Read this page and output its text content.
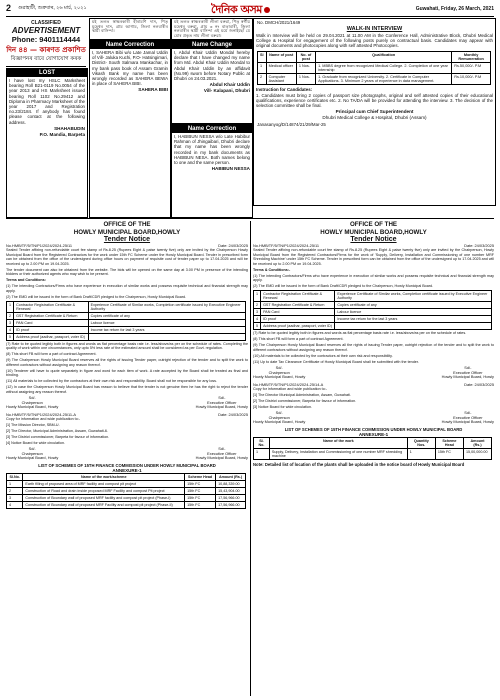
2 গুৱাহাটী, শুক্ৰবাৰ, ২৬ মাৰ্চ, ২০২১	দৈনিক অসম	Guwahati, Friday, 26 March, 2021
CLASSIFIED
ADVERTISEMENT
Phone: 9401114444
দিন ৪৪ — কাৰণত প্ৰকাশিত
বিজ্ঞাপনৰ বাবে যোগাযোগ কৰক
LOST
I have lost my HSLC Marksheet bearing Roll B21-0119 No.0054 of the year 2013 and HS Marksheet issued bearing Roll 1102 No.29412 and Diploma in Pharmacy Marksheet of the year 2017 and Registration no.23/2184. If anybody has found please contact at the following address.
SHAHABUDIN
P.O. Mandia, Barpeta
Name Correction
I, SAHERA Bibi w/o Late Jamal Uddin of Vill- Jaluka Kuchi, P.O- Hatsingimari, District- South Salmara Mankachar, in my bank pass book of Assam Gramin Vikash Bank my name has been wrongly recorded as SAHERA BEWA in place of SAHERA BIBI.
SAHERA BIBI
Name Change
I, Abdul Khair Uddin Mondal hereby declare that I have changed my name from Md. Abdul Khair Uddin Mondal to Abdul Khair Uddin by an affidavit (No.99) sworn before Notary Public at Dhubri on 24.03.2021.
Abdul Khair Uddin
Vill- Kalapani, Dhubri
Name Correction
I, HABIBUN NESSA w/o Late Habibur Rahman of Jhingaibari, Dhubri declare that my name has been wrongly recorded in my bank documents as HABIBUN NESA. Both names belong to one and the same person.
HABIBUN NESSA
No. DMCH/2021/1649
WALK-IN INTERVIEW
Walk in Interview will be held on 29.04.2021 at 11.00 AM in the Conference Hall, Administrative Block, Dhubri Medical College & Hospital for engagement of the following posts purely on contractual basis. Candidates may appear with original documents and photocopies along with self attested Photocopies.
Sl	Name of post	No. of post	Qualification	Monthly Remuneration
1	Medical officer	1 Nos.	1. MBBS degree from recognized Medical College. 2. Completion of one year internship	Rs.50,000/- P.M
2	Computer Assistant	1 Nos.	1. Graduate from recognized University. 2. Certificate in Computer Applications. 3. Minimum 2 years of experience in data management.	Rs.10,000/- P.M
Instruction for Candidates:
1. Candidates must bring 2 copies of passport size photographs, original and self attested copies of their educational qualifications, experience certificates etc. 2. No TA/DA will be provided for attending the interview. 3. The decision of the selection committee shall be final.
Principal cum Chief Superintendent
Dhubri Medical College & Hospital, Dhubri (Assam)
Janasanyog/D/14874/21/29/Mar-25
OFFICE OF THE
HOWLY MUNICIPAL BOARD,HOWLY
Tender Notice
No.HMB/TF/5/TN/P1/2024/2024-25/11	Date: 24/03/2025

Sealed Tender affixing non-refundable court fee stamp of Rs.8.25 (Rupees Eight & paise twenty five) only are invited by the Chairperson Howly Municipal Board from the Registered Contractors for the work under 15th FC Scheme under the Howly Municipal Board. Tender in prescribed form can be obtained from the office of the undersigned during office hours on payment of requisite cost of tender paper up to 17.04.2025 and will be received up to 2.00 PM on 19.04.2025.

The tender document can also be obtained from the website. The bids will be opened on the same day at 3.00 PM in presence of the intending bidders or their authorized agents who may wish to be present.

Terms and Conditions:

(1) The intending Contractors/Firms who have experience in execution of similar works and possess requisite technical and financial strength may apply.

(2) The EMD will be issued in the form of Bank Draft/CDR pledged to the Chairperson, Howly Municipal Board.

1	Contractor Registration Certificate & Renewal	Experience Certificate of Similar works, Completion certificate issued by Executive Engineer Authority
2	GST Registration Certificate & Return	Copies certificate of any
3	PAN Card	Labour licence
4	ID proof	Income tax return for last 3 years
5	Address proof (aadhar, passport, voter ID)	

(7) Rate to be quoted legibly both in figures and words as flat percentage basis rate i.e. less/above/as per on the schedule of rates. Completing the quality of work within one circumstances, only upto 5% less rate of the estimated amount shall be considered as per Govt. regulation.

(8) This short FB will form a part of contract Agreement.

(9) The Chairperson Howly Municipal Board reserves all the rights of issuing Tender paper, outright rejection of the tender and to split the work to different contractors without assigning any reason thereof.

(10) Tenderer will have to quote separately in figure and word for each item of work. A rate accepted by the Board shall be treated as final and binding.

(11) All materials to be collected by the contractors at their own risk and responsibility. Board shall not be responsible for any loss.

(12) In case the Chairperson Howly Municipal Board has reason to believe that the tender is not genuine then he has the right to reject the tender without assigning any reason thereof.

Sd/-
Chairperson
Howly Municipal Board, Howly
Sd/-
Executive Officer
Howly Municipal Board, Howly
No.HMB/TF/5/TN/P1/2024/2024-25/11-A	Date: 24/03/2025

Copy for information and wide publication to:-

[1] The Mission Director, SBM-U.

[2] The Director, Municipal Administration, Assam, Guwahati-6.

[3] The District commissioner, Barpeta for favour of information.

[4] Notice Board for wide circulation.

Sd/-
Chairperson
Howly Municipal Board, Howly
Sd/-
Executive Officer
Howly Municipal Board, Howly
LIST OF SCHEMES OF 15TH FINANCE COMMISSION UNDER HOWLY MUNICIPAL BOARD
ANNEXURE-1
Sl.No.	Name of the work/scheme	Scheme Head	Amount (Rs.)
1	Earth filling of proposed area of MRF facility and compost pit project	15th FC	10,88,339.00
2	Construction of Road and drain inside proposed MRF Facility and compost Pit project	15th FC	15,43,904.00
3	Construction of Boundary wall of proposed MRF facility and compost pit project (Phase-I)	15th FC	17,56,966.00
4	Construction of Boundary wall of proposed MRF Facility and compost pit project (Phase-II)	15th FC	17,56,966.00
OFFICE OF THE
HOWLY MUNICIPAL BOARD,HOWLY
Tender Notice
No.HMB/TF/5/TN/P1/2024/2024-25/11	Date: 24/03/2025

Sealed Tender affixing non-refundable court fee stamp of Rs.8.25 (Rupees Eight & paise twenty five) only are invited by the Chairperson, Howly Municipal Board from the Registered Contractors/Firms for the work of 'Supply, Delivery, Installation and Commissioning of one number MRF Shredding Machine' under 15th FC Scheme. Tender in prescribed form can be obtained from the office of the undersigned up to 17.04.2025 and will be received up to 2.00 PM on 19.04.2025.

Terms & Conditions:-

(1) The intending Contractors/Firms who have experience in execution of similar works and possess requisite technical and financial strength may apply.

(2) The EMD will be issued in the form of Bank Draft/CDR pledged to the Chairperson, Howly Municipal Board.

1	Contractor Registration Certificate & Renewal	Experience Certificate of Similar works, Completion certificate issued by Executive Engineer Authority
2	GST Registration Certificate & Return	Copies certificate of any
3	PAN Card	Labour licence
4	ID proof	Income tax return for the last 3 years
5	Address proof (aadhar, passport, voter ID)	

(7) Rate to be quoted legibly both in figures and words as flat percentage basis rate i.e. less/above/as per on the schedule of rates.

(8) This short FB will form a part of contract Agreement.

(9) The Chairperson Howly Municipal Board reserves all the rights of issuing Tender paper, outright rejection of the tender and to split the work to different contractors without assigning any reason thereof.

(10) All materials to be collected by the contractors at their own risk and responsibility.

(11) Up to date Tax Clearance Certificate of Howly Municipal Board shall be submitted with the tender.

Sd/-
Chairperson
Howly Municipal Board, Howly
Sd/-
Executive Officer
Howly Municipal Board, Howly
No.HMB/TF/5/TN/P1/2024/2024-25/14-A	Date: 24/03/2025

Copy for information and wide publication to:-

[1] The Director Municipal Administration, Assam, Guwahati.

[2] The District commissioner, Barpeta for favour of information.

[3] Notice Board for wide circulation.

Sd/-
Chairperson
Howly Municipal Board, Howly
Sd/-
Executive Officer
Howly Municipal Board, Howly
LIST OF SCHEMES OF 15TH FINANCE COMMISSION UNDER HOWLY MUNICIPAL BOARD
ANNEXURE-1
Sl. No.	Name of the work	Quantity Nos.	Scheme Head	Amount (Rs.)
1	Supply, Delivery, Installation and Commissioning of one number MRF shredding machine	1	15th FC	15,00,000.00
Note: Detailed list of location of the plants shall be uploaded in the notice board of Howly Municipal Board
মই তলত স্বাক্ষৰকাৰী লীলা বৰুৱা, পিতৃ স্বৰ্গীয় মহেশ্বৰ বৰুৱা, গ্ৰাম ৩ নং বাতাবাৰী, জিলা নলবাৰীৰ স্থায়ী বাসিন্দা এই মৰ্মে জনাইছোঁ যে মোৰ প্ৰকৃত নাম লীলা বৰুৱা।
মই তলত স্বাক্ষৰকাৰী হীৰামণি দাস, পিতৃ মুহেশ্বৰ দাস, গ্ৰাম আগাম, জিলা নলবাৰীৰ স্থায়ী বাসিন্দা।
